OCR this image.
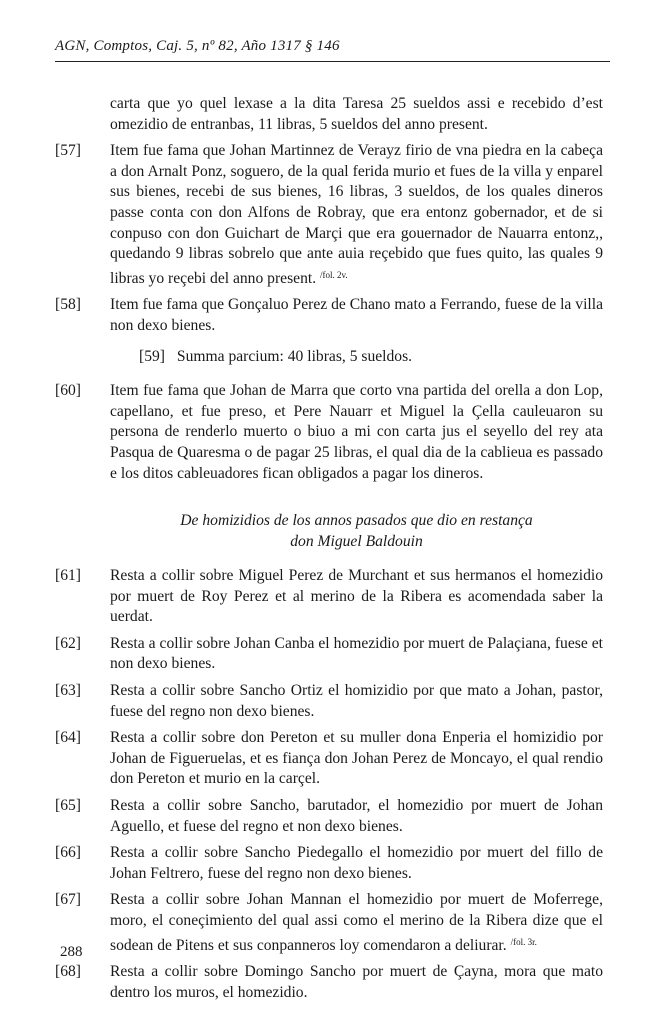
AGN, Comptos, Caj. 5, nº 82, Año 1317 § 146
carta que yo quel lexase a la dita Taresa 25 sueldos assi e recebido d’est omezidio de entranbas, 11 libras, 5 sueldos del anno present.
[57] Item fue fama que Johan Martinnez de Verayz firio de vna piedra en la cabeça a don Arnalt Ponz, soguero, de la qual ferida murio et fues de la villa y enparel sus bienes, recebi de sus bienes, 16 libras, 3 sueldos, de los quales dineros passe conta con don Alfons de Robray, que era entonz gobernador, et de si conpuso con don Guichart de Marçi que era gouernador de Nauarra entonz,, quedando 9 libras sobrelo que ante auia reçebido que fues quito, las quales 9 libras yo reçebi del anno present. $^{/fol. 2v.}$
[58] Item fue fama que Gonçaluo Perez de Chano mato a Ferrando, fuese de la villa non dexo bienes.
[59] Summa parcium: 40 libras, 5 sueldos.
[60] Item fue fama que Johan de Marra que corto vna partida del orella a don Lop, capellano, et fue preso, et Pere Nauarr et Miguel la Çella cauleuaron su persona de renderlo muerto o biuo a mi con carta jus el seyello del rey ata Pasqua de Quaresma o de pagar 25 libras, el qual dia de la cablieua es passado e los ditos cableuadores fican obligados a pagar los dineros.
De homizidios de los annos pasados que dio en restança
don Miguel Baldouin
[61] Resta a collir sobre Miguel Perez de Murchant et sus hermanos el homezidio por muert de Roy Perez et al merino de la Ribera es acomendada saber la uerdat.
[62] Resta a collir sobre Johan Canba el homezidio por muert de Palaçiana, fuese et non dexo bienes.
[63] Resta a collir sobre Sancho Ortiz el homizidio por que mato a Johan, pastor, fuese del regno non dexo bienes.
[64] Resta a collir sobre don Pereton et su muller dona Enperia el homizidio por Johan de Figueruelas, et es fiança don Johan Perez de Moncayo, el qual rendio don Pereton et murio en la carçel.
[65] Resta a collir sobre Sancho, barutador, el homezidio por muert de Johan Aguello, et fuese del regno et non dexo bienes.
[66] Resta a collir sobre Sancho Piedegallo el homezidio por muert del fillo de Johan Feltrero, fuese del regno non dexo bienes.
[67] Resta a collir sobre Johan Mannan el homezidio por muert de Moferrege, moro, el coneçimiento del qual assi como el merino de la Ribera dize que el sodean de Pitens et sus conpanneros loy comendaron a deliurar. $^{/fol. 3r.}$
[68] Resta a collir sobre Domingo Sancho por muert de Çayna, mora que mato dentro los muros, el homezidio.
288
